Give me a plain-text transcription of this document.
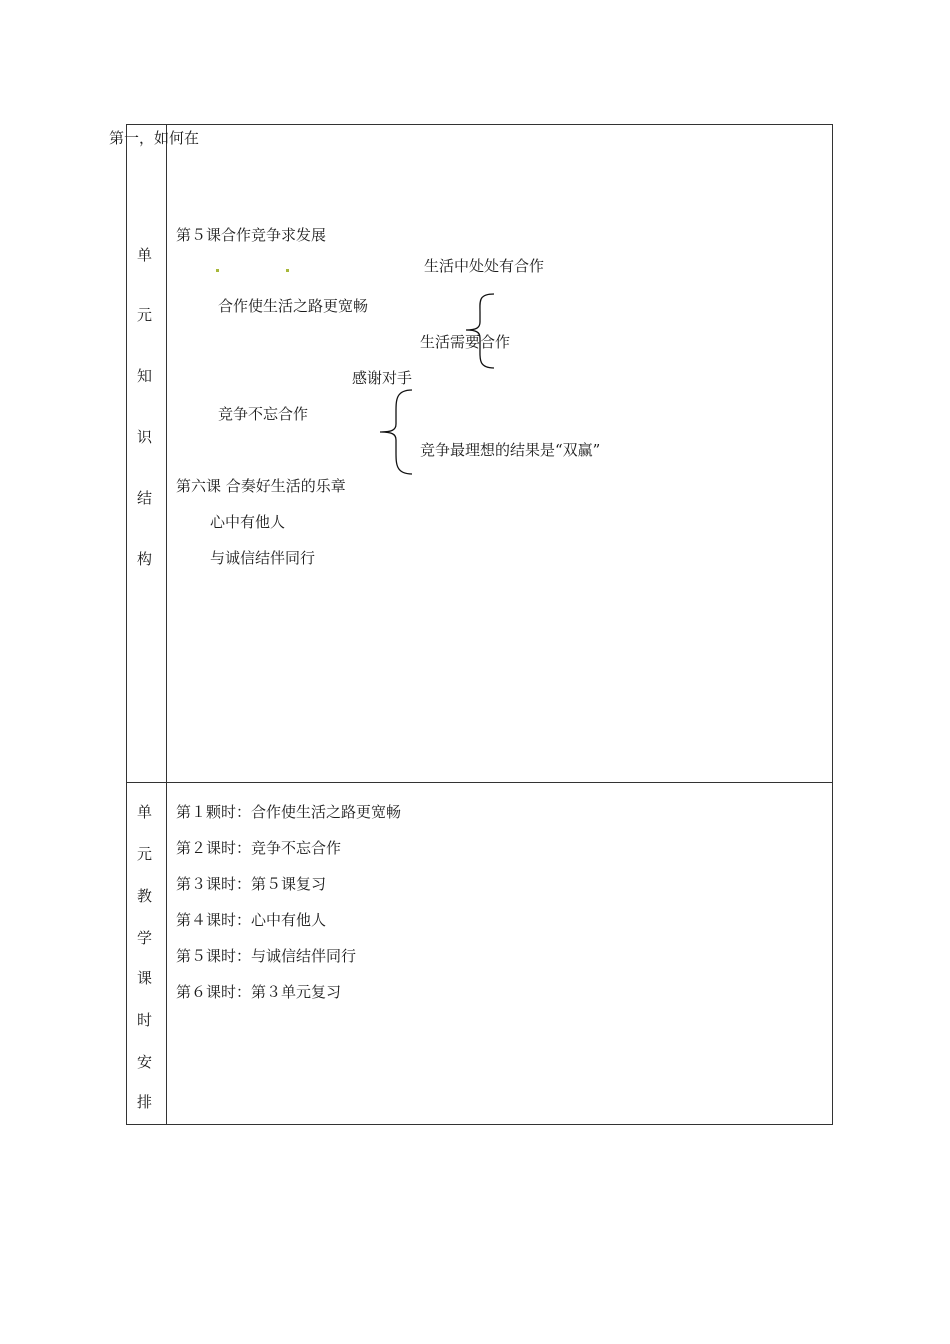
第一，如何在
单
元
知
识
结
构
第５课合作竞争求发展
生活中处处有合作
合作使生活之路更宽畅
生活需要合作
感谢对手
竞争不忘合作
竞争最理想的结果是“双赢”
第六课 合奏好生活的乐章
心中有他人
与诚信结伴同行
单
元
教
学
课
时
安
排
第１颗时：合作使生活之路更宽畅
第２课时：竞争不忘合作
第３课时：第５课复习
第４课时：心中有他人
第５课时：与诚信结伴同行
第６课时：第３单元复习
